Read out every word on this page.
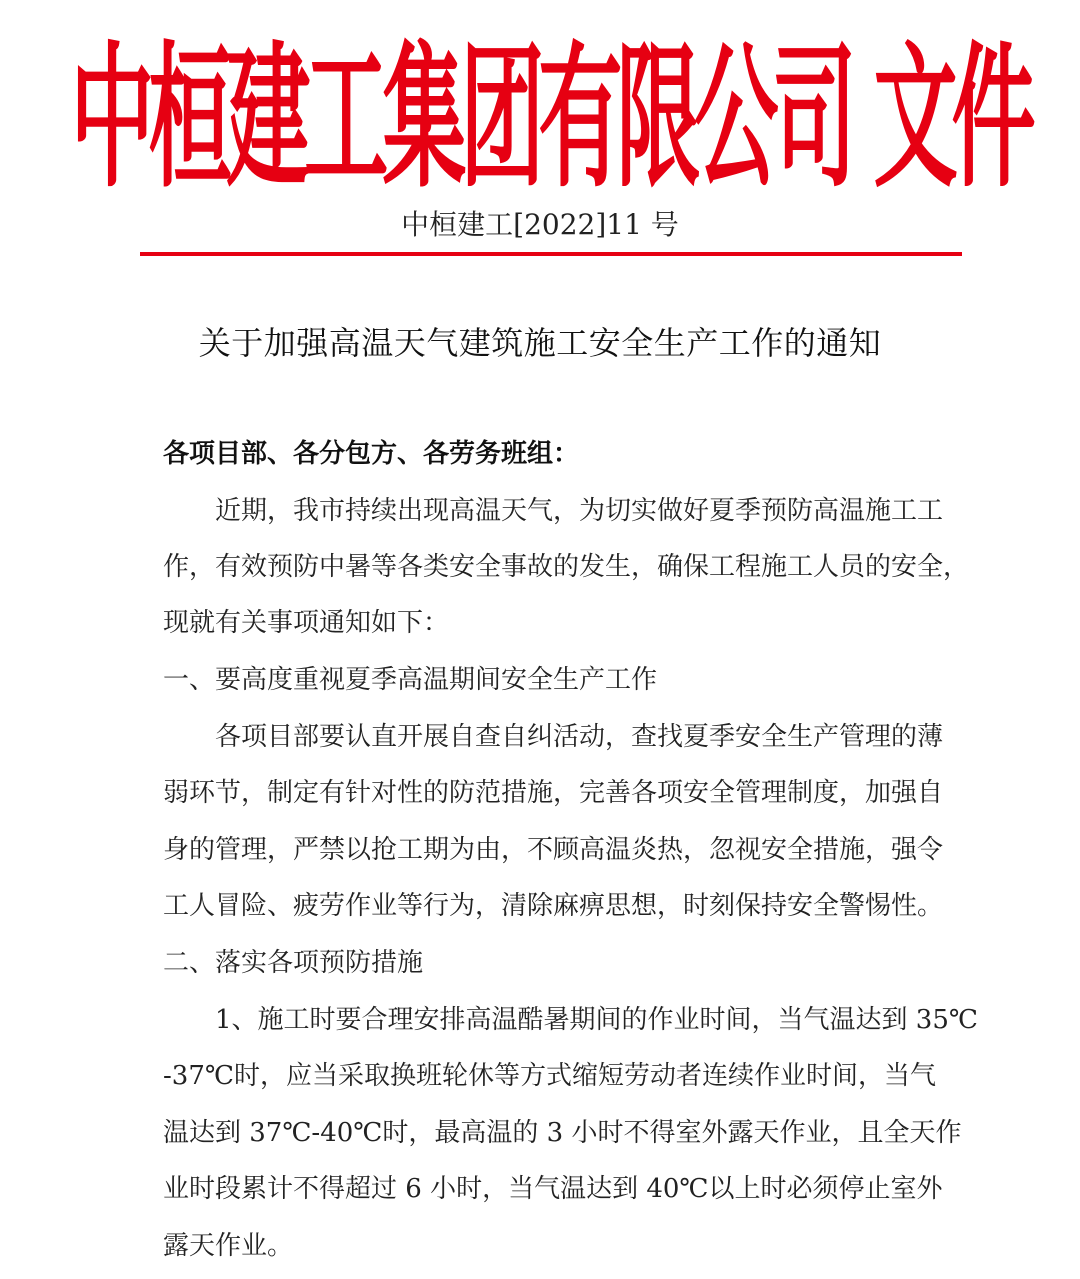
中桓建工集团有限公司 文件
中桓建工[2022]11 号
关于加强高温天气建筑施工安全生产工作的通知
各项目部、各分包方、各劳务班组：
近期，我市持续出现高温天气，为切实做好夏季预防高温施工工
作，有效预防中暑等各类安全事故的发生，确保工程施工人员的安全，
现就有关事项通知如下：
一、要高度重视夏季高温期间安全生产工作
各项目部要认直开展自查自纠活动，查找夏季安全生产管理的薄
弱环节，制定有针对性的防范措施，完善各项安全管理制度，加强自
身的管理，严禁以抢工期为由，不顾高温炎热，忽视安全措施，强令
工人冒险、疲劳作业等行为，清除麻痹思想，时刻保持安全警惕性。
二、落实各项预防措施
1、施工时要合理安排高温酷暑期间的作业时间，当气温达到 35℃
-37℃时，应当采取换班轮休等方式缩短劳动者连续作业时间，当气
温达到 37℃-40℃时，最高温的 3 小时不得室外露天作业，且全天作
业时段累计不得超过 6 小时，当气温达到 40℃以上时必须停止室外
露天作业。
